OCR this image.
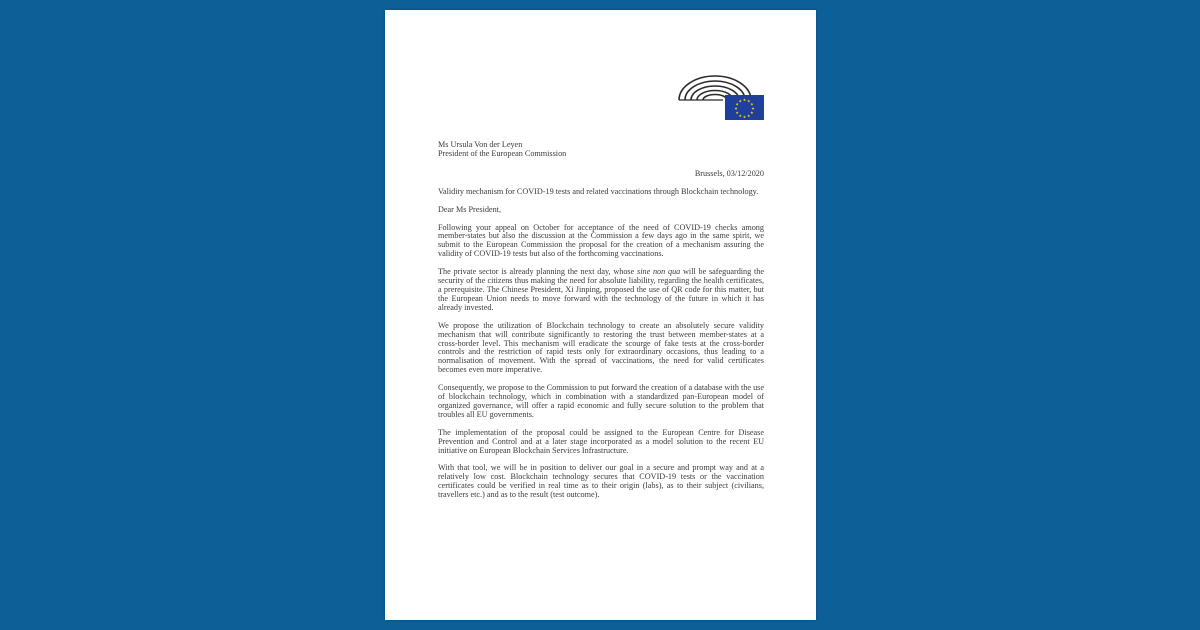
Ms Ursula Von der Leyen

President of the European Commission

Brussels, 03/12/2020

Validity mechanism for COVID-19 tests and related vaccinations through Blockchain technology.

Dear Ms President,

Following your appeal on October for acceptance of the need of COVID-19 checks among member-states but also the discussion at the Commission a few days ago in the same spirit, we submit to the European Commission the proposal for the creation of a mechanism assuring the validity of COVID-19 tests but also of the forthcoming vaccinations.

The private sector is already planning the next day, whose sine non qua will be safeguarding the security of the citizens thus making the need for absolute liability, regarding the health certificates, a prerequisite. The Chinese President, Xi Jinping, proposed the use of QR code for this matter, but the European Union needs to move forward with the technology of the future in which it has already invested.

We propose the utilization of Blockchain technology to create an absolutely secure validity mechanism that will contribute significantly to restoring the trust between member-states at a cross-border level. This mechanism will eradicate the scourge of fake tests at the cross-border controls and the restriction of rapid tests only for extraordinary occasions, thus leading to a normalisation of movement. With the spread of vaccinations, the need for valid certificates becomes even more imperative.

Consequently, we propose to the Commission to put forward the creation of a database with the use of blockchain technology, which in combination with a standardized pan-European model of organized governance, will offer a rapid economic and fully secure solution to the problem that troubles all EU governments.

The implementation of the proposal could be assigned to the European Centre for Disease Prevention and Control and at a later stage incorporated as a model solution to the recent EU initiative on European Blockchain Services Infrastructure.

With that tool, we will be in position to deliver our goal in a secure and prompt way and at a relatively low cost. Blockchain technology secures that COVID-19 tests or the vaccination certificates could be verified in real time as to their origin (labs), as to their subject (civilians, travellers etc.) and as to the result (test outcome).
